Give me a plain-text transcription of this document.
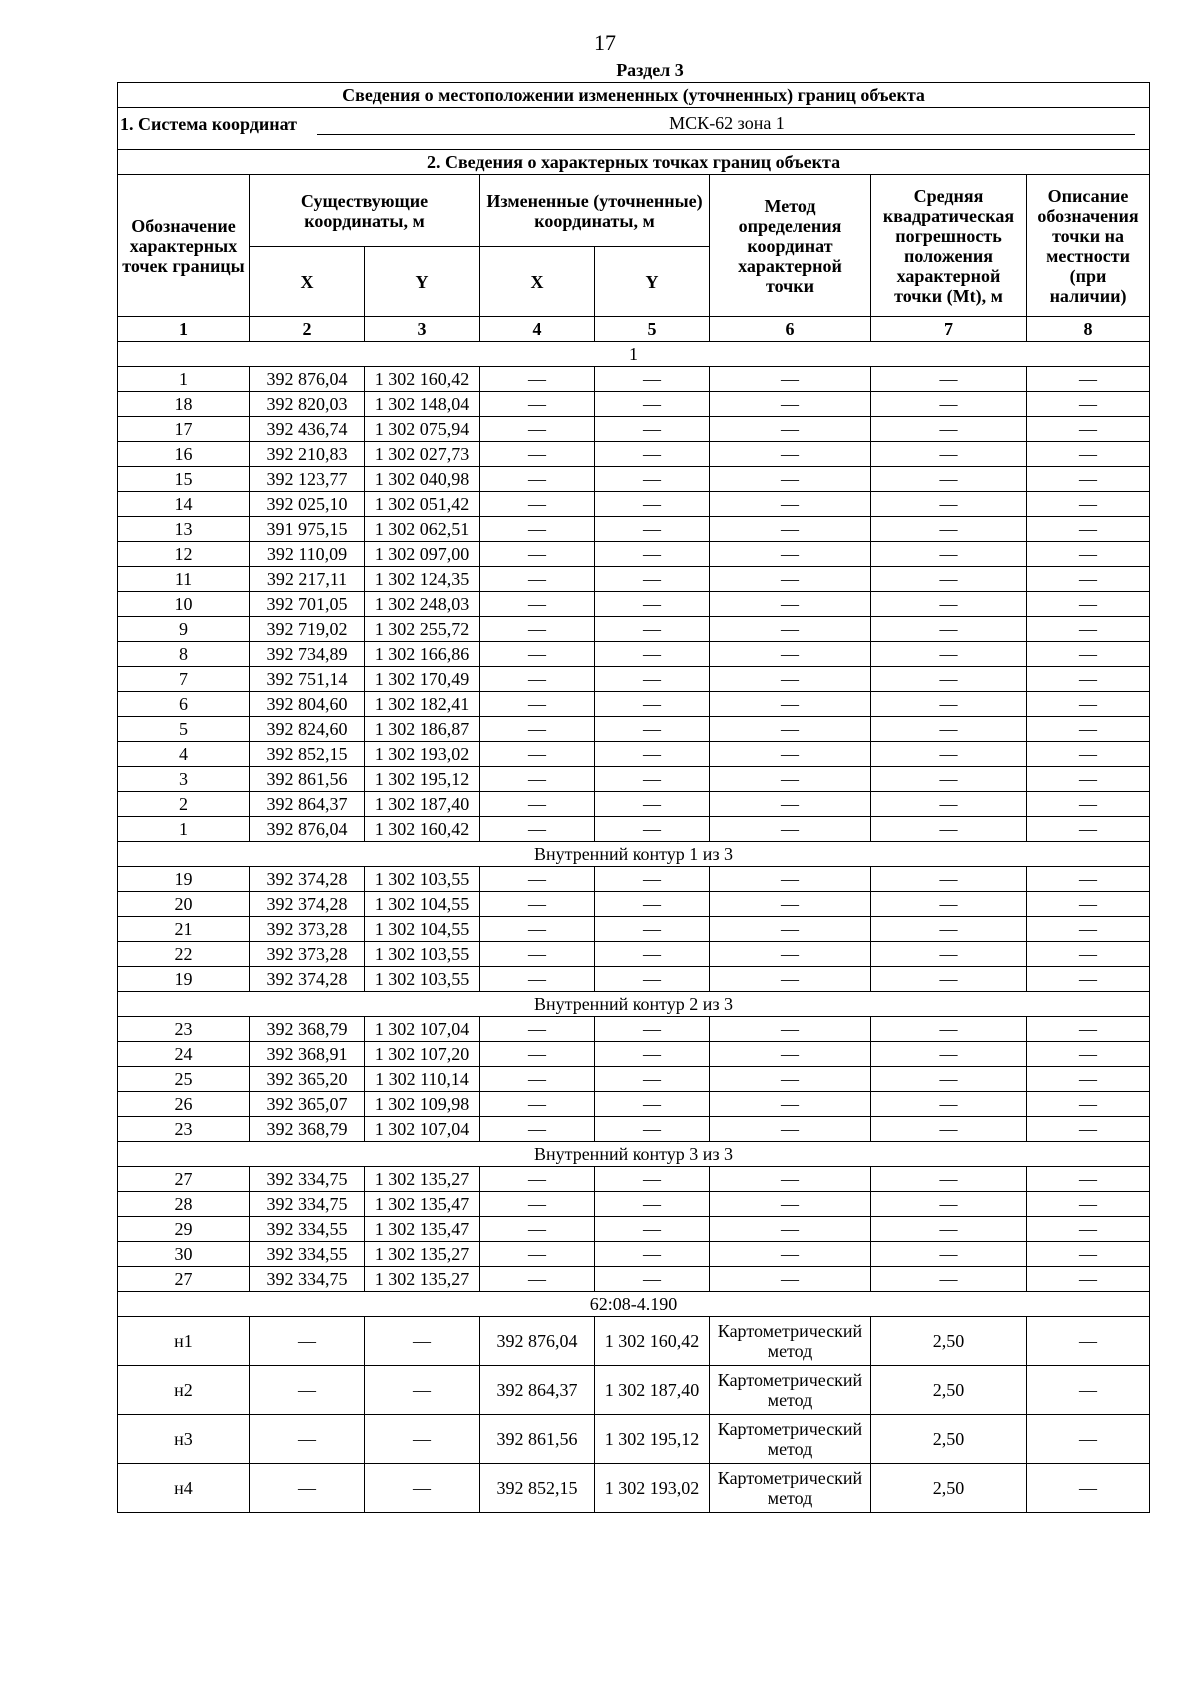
17
Раздел 3
Сведения о местоположении измененных (уточненных) границ объекта							

1. Система координат МСК-62 зона 1							

2. Сведения о характерных точках границ объекта							
Обозначение характерных точек границы	Существующие координаты, м		Измененные (уточненные) координаты, м		Метод определения координат характерной точки	Средняя квадратическая погрешность положения характерной точки (Mt), м	Описание обозначения точки на местности (при наличии)
	X	Y	X	Y			
1	2	3	4	5	6	7	8
1							
1	392 876,04	1 302 160,42	—	—	—	—	—
18	392 820,03	1 302 148,04	—	—	—	—	—
17	392 436,74	1 302 075,94	—	—	—	—	—
16	392 210,83	1 302 027,73	—	—	—	—	—
15	392 123,77	1 302 040,98	—	—	—	—	—
14	392 025,10	1 302 051,42	—	—	—	—	—
13	391 975,15	1 302 062,51	—	—	—	—	—
12	392 110,09	1 302 097,00	—	—	—	—	—
11	392 217,11	1 302 124,35	—	—	—	—	—
10	392 701,05	1 302 248,03	—	—	—	—	—
9	392 719,02	1 302 255,72	—	—	—	—	—
8	392 734,89	1 302 166,86	—	—	—	—	—
7	392 751,14	1 302 170,49	—	—	—	—	—
6	392 804,60	1 302 182,41	—	—	—	—	—
5	392 824,60	1 302 186,87	—	—	—	—	—
4	392 852,15	1 302 193,02	—	—	—	—	—
3	392 861,56	1 302 195,12	—	—	—	—	—
2	392 864,37	1 302 187,40	—	—	—	—	—
1	392 876,04	1 302 160,42	—	—	—	—	—
Внутренний контур 1 из 3							
19	392 374,28	1 302 103,55	—	—	—	—	—
20	392 374,28	1 302 104,55	—	—	—	—	—
21	392 373,28	1 302 104,55	—	—	—	—	—
22	392 373,28	1 302 103,55	—	—	—	—	—
19	392 374,28	1 302 103,55	—	—	—	—	—
Внутренний контур 2 из 3							
23	392 368,79	1 302 107,04	—	—	—	—	—
24	392 368,91	1 302 107,20	—	—	—	—	—
25	392 365,20	1 302 110,14	—	—	—	—	—
26	392 365,07	1 302 109,98	—	—	—	—	—
23	392 368,79	1 302 107,04	—	—	—	—	—
Внутренний контур 3 из 3							
27	392 334,75	1 302 135,27	—	—	—	—	—
28	392 334,75	1 302 135,47	—	—	—	—	—
29	392 334,55	1 302 135,47	—	—	—	—	—
30	392 334,55	1 302 135,27	—	—	—	—	—
27	392 334,75	1 302 135,27	—	—	—	—	—
62:08-4.190							
н1	—	—	392 876,04	1 302 160,42	Картометрический метод	2,50	—
н2	—	—	392 864,37	1 302 187,40	Картометрический метод	2,50	—
н3	—	—	392 861,56	1 302 195,12	Картометрический метод	2,50	—
н4	—	—	392 852,15	1 302 193,02	Картометрический метод	2,50	—
